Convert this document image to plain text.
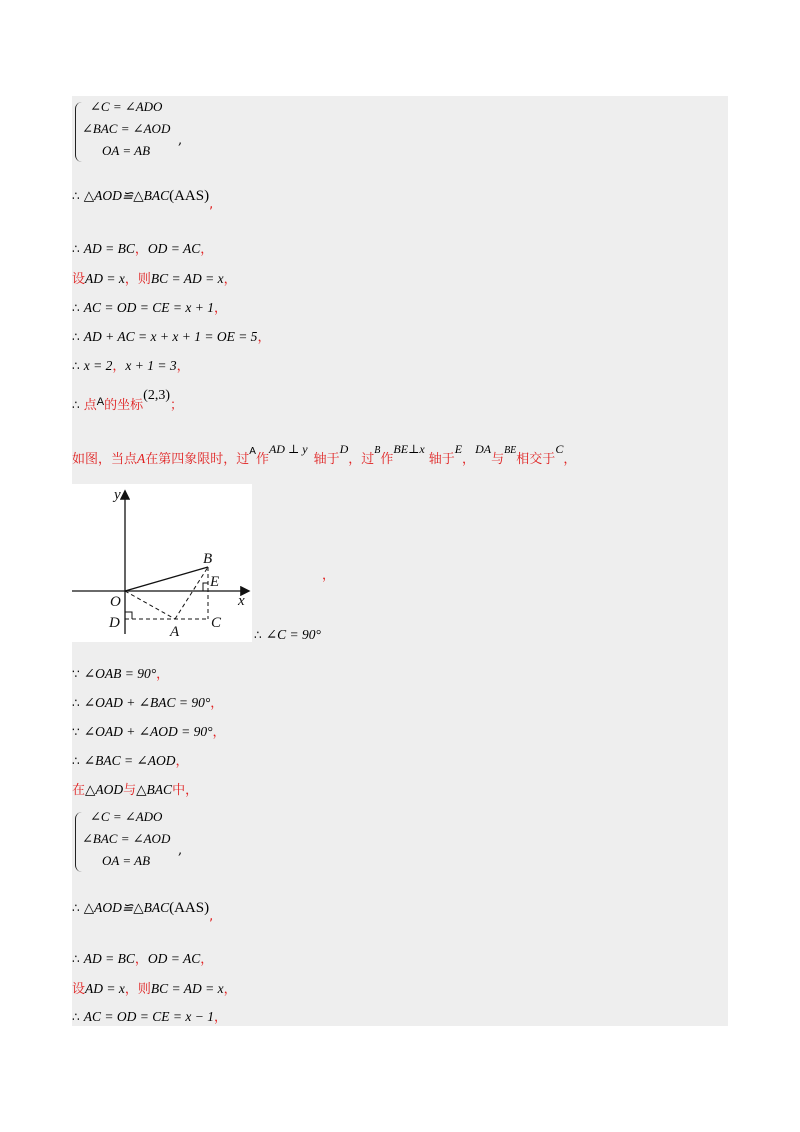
∠C = ∠ADO
∠BAC = ∠AOD
OA = AB
,
∴ △AOD≌△BAC(AAS),
∴ AD = BC，OD = AC，
设AD = x，则BC = AD = x，
∴ AC = OD = CE = x + 1，
∴ AD + AC = x + x + 1 = OE = 5，
∴ x = 2，x + 1 = 3，
∴ 点$^A$的坐标(2,3)；
如图，当点A在第四象限时，过$^A$作AD ⊥ y轴于D，过$^B$作BE⊥x轴于E，DA与$^{BE}$相交于C，
y
x
O
B
E
D
A
C
，
∴ ∠C = 90°
∵ ∠OAB = 90°，
∴ ∠OAD + ∠BAC = 90°，
∵ ∠OAD + ∠AOD = 90°，
∴ ∠BAC = ∠AOD，
在△AOD与△BAC中，
∠C = ∠ADO
∠BAC = ∠AOD
OA = AB
,
∴ △AOD≌△BAC(AAS),
∴ AD = BC，OD = AC，
设AD = x，则BC = AD = x，
∴ AC = OD = CE = x − 1，
